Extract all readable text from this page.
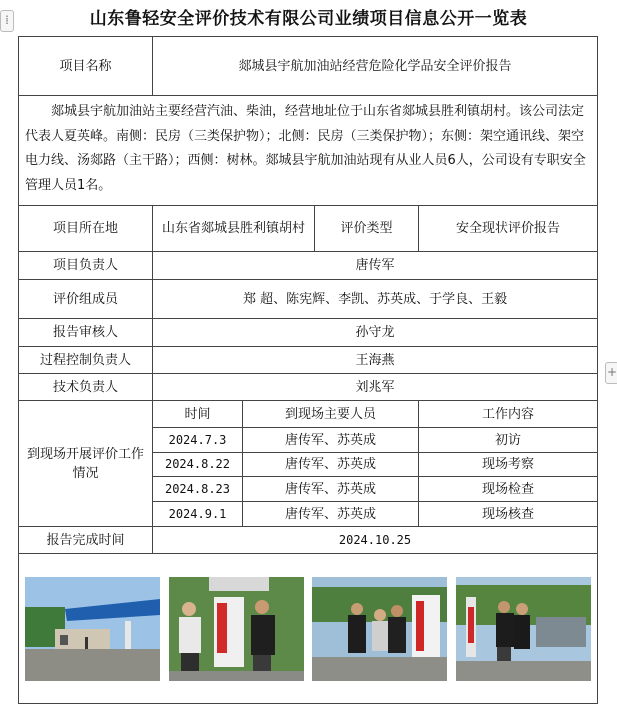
山东鲁轻安全评价技术有限公司业绩项目信息公开一览表
⁞
+
项目名称	郯城县宇航加油站经营危险化学品安全评价报告			
郯城县宇航加油站主要经营汽油、柴油，经营地址位于山东省郯城县胜利镇胡村。该公司法定代表人夏英峰。南侧：民房（三类保护物）；北侧：民房（三类保护物）；东侧：架空通讯线、架空电力线、汤郯路（主干路）；西侧：树林。郯城县宇航加油站现有从业人员6人，公司设有专职安全管理人员1名。				
项目所在地	山东省郯城县胜利镇胡村		评价类型	安全现状评价报告
项目负责人	唐传军			
评价组成员	郑 超、陈宪辉、李凯、苏英成、于学良、王毅			
报告审核人	孙守龙			
过程控制负责人	王海燕			
技术负责人	刘兆军			
到现场开展评价工作情况	时间	到现场主要人员		工作内容
	2024.7.3	唐传军、苏英成		初访
	2024.8.22	唐传军、苏英成		现场考察
	2024.8.23	唐传军、苏英成		现场检查
	2024.9.1	唐传军、苏英成		现场核查
报告完成时间	2024.10.25			
